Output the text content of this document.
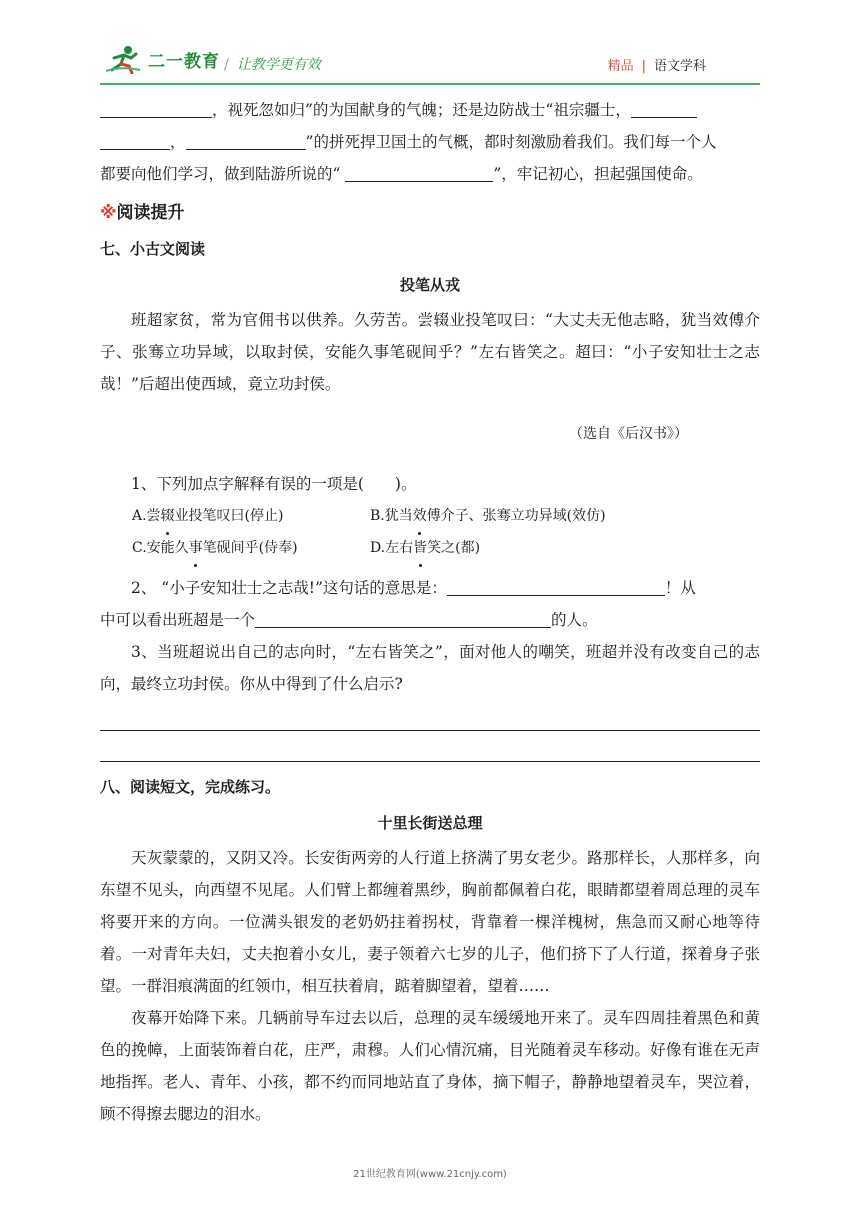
二一教育 / 让教学更有效	精品 | 语文学科

，视死忽如归”的为国献身的气魄；还是边防战士“祖宗疆士，

，	”的拼死捍卫国土的气概，都时刻激励着我们。我们每一个人

都要向他们学习，做到陆游所说的“	”，牢记初心，担起强国使命。

※阅读提升

七、小古文阅读

投笔从戎

班超家贫，常为官佣书以供养。久劳苦。尝辍业投笔叹曰：“大丈夫无他志略，犹当效傅介子、张骞立功异域，以取封侯，安能久事笔砚间乎？”左右皆笑之。超曰：“小子安知壮士之志哉！”后超出使西域，竟立功封侯。

（选自《后汉书》）

1、下列加点字解释有误的一项是(　　)。

A.尝辍业投笔叹曰(停止)	B.犹当效傅介子、张骞立功异域(效仿)
C.安能久事笔砚间乎(侍奉)	D.左右皆笑之(都)

2、 “小子安知壮士之志哉!”这句话的意思是：	！从

中可以看出班超是一个	的人。

3、当班超说出自己的志向时，“左右皆笑之”，面对他人的嘲笑，班超并没有改变自己的志向，最终立功封侯。你从中得到了什么启示?

八、阅读短文，完成练习。

十里长街送总理

天灰蒙蒙的，又阴又冷。长安街两旁的人行道上挤满了男女老少。路那样长，人那样多，向东望不见头，向西望不见尾。人们臂上都缠着黑纱，胸前都佩着白花，眼睛都望着周总理的灵车将要开来的方向。一位满头银发的老奶奶拄着拐杖，背靠着一棵洋槐树，焦急而又耐心地等待着。一对青年夫妇，丈夫抱着小女儿，妻子领着六七岁的儿子，他们挤下了人行道，探着身子张望。一群泪痕满面的红领巾，相互扶着肩，踮着脚望着，望着……

夜幕开始降下来。几辆前导车过去以后，总理的灵车缓缓地开来了。灵车四周挂着黑色和黄色的挽幛，上面装饰着白花，庄严，肃穆。人们心情沉痛，目光随着灵车移动。好像有谁在无声地指挥。老人、青年、小孩，都不约而同地站直了身体，摘下帽子，静静地望着灵车，哭泣着，顾不得擦去腮边的泪水。

21世纪教育网(www.21cnjy.com)
